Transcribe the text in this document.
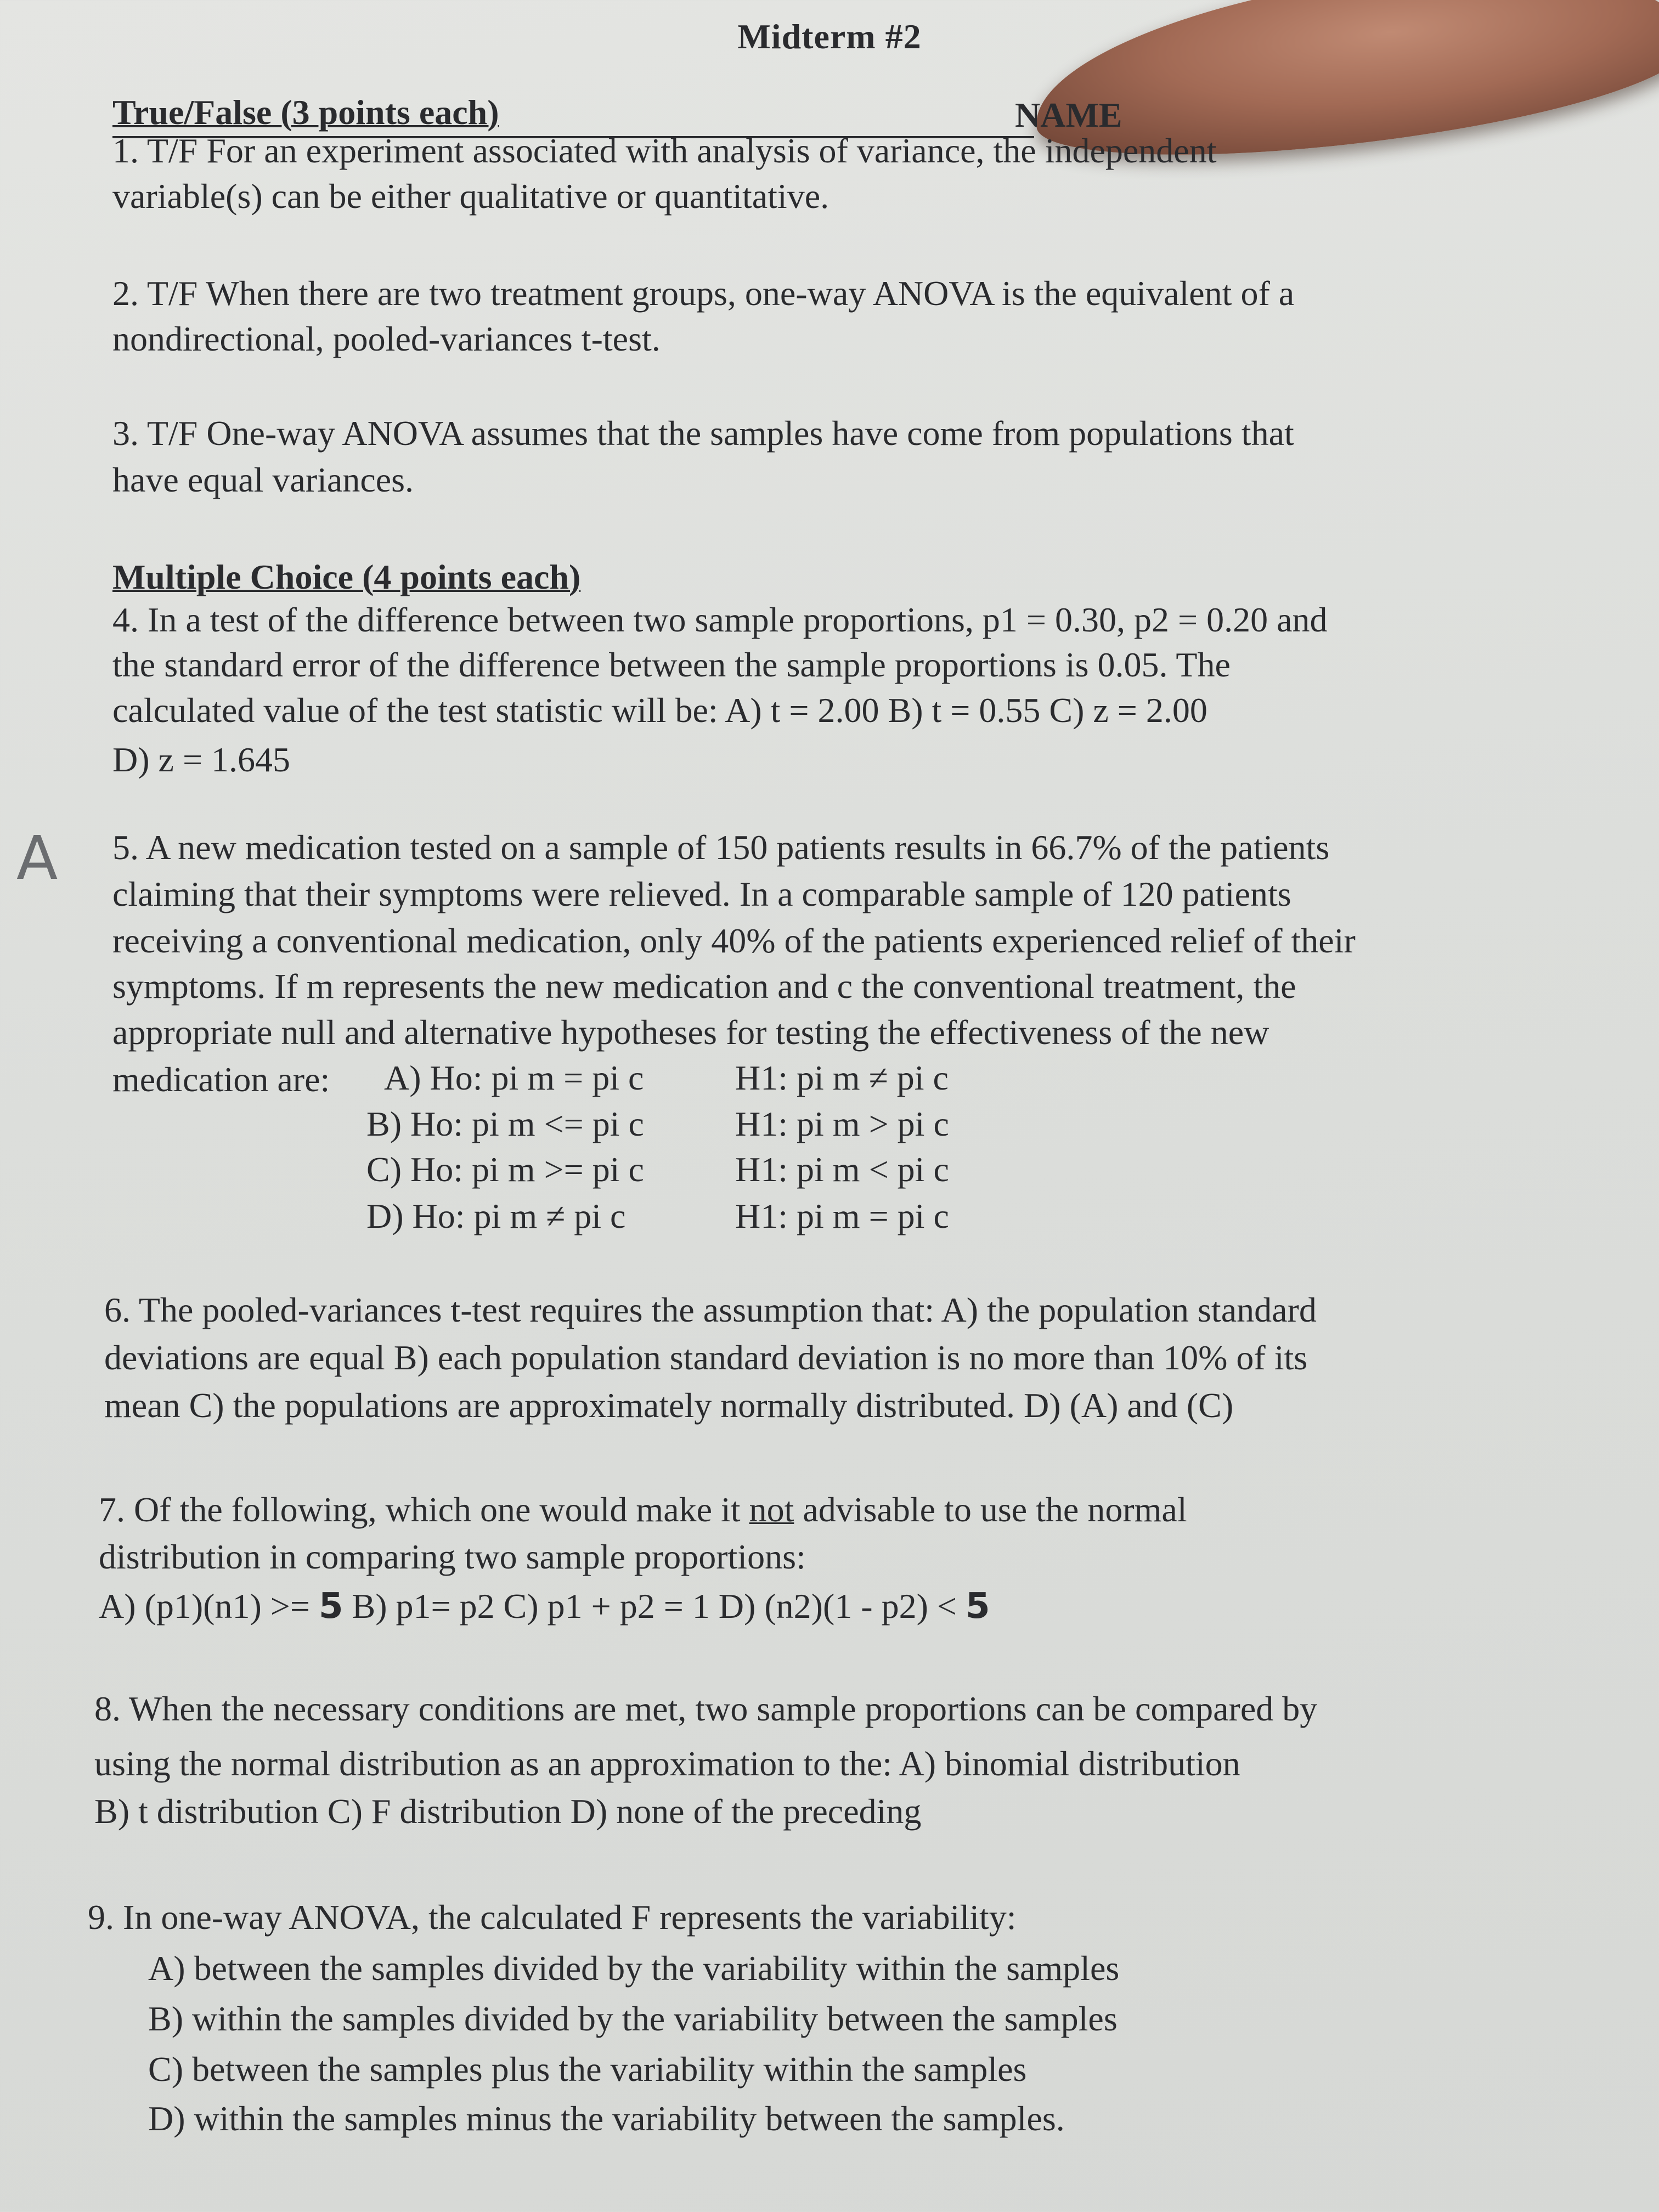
Midterm #2
True/False (3 points each)	NAME
1. T/F For an experiment associated with analysis of variance, the independent
variable(s) can be either qualitative or quantitative.
2. T/F When there are two treatment groups, one-way ANOVA is the equivalent of a
nondirectional, pooled-variances t-test.
3. T/F One-way ANOVA assumes that the samples have come from populations that
have equal variances.
Multiple Choice (4 points each)
4. In a test of the difference between two sample proportions, p1 = 0.30, p2 = 0.20 and
the standard error of the difference between the sample proportions is 0.05. The
calculated value of the test statistic will be: A) t = 2.00 B) t = 0.55 C) z = 2.00
D) z = 1.645
A 5. A new medication tested on a sample of 150 patients results in 66.7% of the patients
claiming that their symptoms were relieved. In a comparable sample of 120 patients
receiving a conventional medication, only 40% of the patients experienced relief of their
symptoms. If m represents the new medication and c the conventional treatment, the
appropriate null and alternative hypotheses for testing the effectiveness of the new
medication are: A) Ho: pi m = pi c	H1: pi m ≠ pi c
B) Ho: pi m <= pi c	H1: pi m > pi c
C) Ho: pi m >= pi c	H1: pi m < pi c
D) Ho: pi m ≠ pi c	H1: pi m = pi c
6. The pooled-variances t-test requires the assumption that: A) the population standard
deviations are equal B) each population standard deviation is no more than 10% of its
mean C) the populations are approximately normally distributed. D) (A) and (C)
7. Of the following, which one would make it not advisable to use the normal
distribution in comparing two sample proportions:
A) (p1)(n1) >= 5 B) p1= p2 C) p1 + p2 = 1 D) (n2)(1 - p2) < 5
8. When the necessary conditions are met, two sample proportions can be compared by
using the normal distribution as an approximation to the: A) binomial distribution
B) t distribution C) F distribution D) none of the preceding
9. In one-way ANOVA, the calculated F represents the variability:
A) between the samples divided by the variability within the samples
B) within the samples divided by the variability between the samples
C) between the samples plus the variability within the samples
D) within the samples minus the variability between the samples.
